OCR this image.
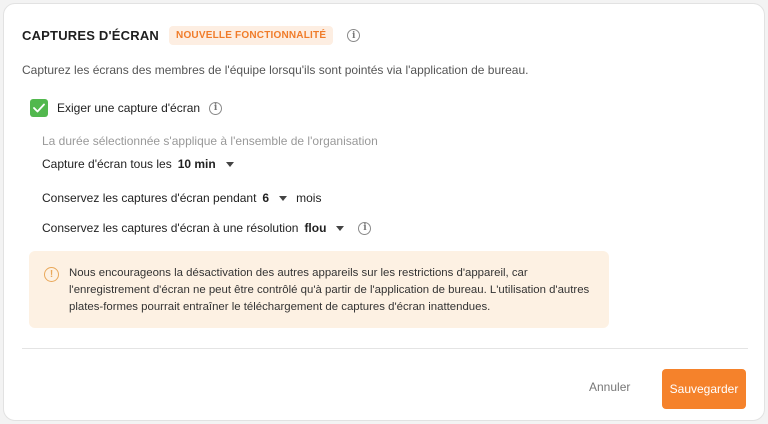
CAPTURES D'ÉCRAN	NOUVELLE FONCTIONNALITÉ	i
Capturez les écrans des membres de l'équipe lorsqu'ils sont pointés via l'application de bureau.
Exiger une capture d'écran	i
La durée sélectionnée s'applique à l'ensemble de l'organisation
Capture d'écran tous les 10 min
Conservez les captures d'écran pendant 6 mois
Conservez les captures d'écran à une résolution flou	i
!	Nous encourageons la désactivation des autres appareils sur les restrictions d'appareil, car l'enregistrement d'écran ne peut être contrôlé qu'à partir de l'application de bureau. L'utilisation d'autres plates-formes pourrait entraîner le téléchargement de captures d'écran inattendues.
Annuler	Sauvegarder
